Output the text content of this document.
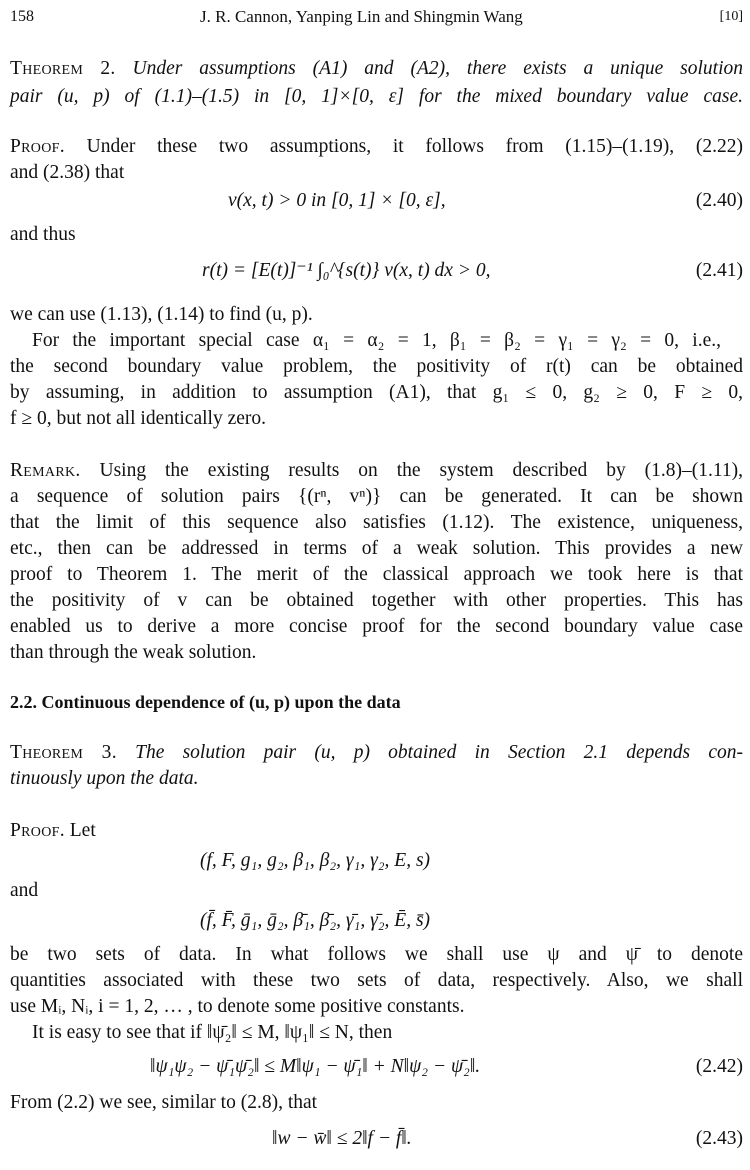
158	J. R. Cannon, Yanping Lin and Shingmin Wang	[10]
Theorem 2. Under assumptions (A1) and (A2), there exists a unique solution
pair (u, p) of (1.1)–(1.5) in [0, 1]×[0, ε] for the mixed boundary value case.
Proof. Under these two assumptions, it follows from (1.15)–(1.19), (2.22)
and (2.38) that
v(x, t) > 0 in [0, 1] × [0, ε],	(2.40)
and thus
r(t) = [E(t)]⁻¹ ∫₀^{s(t)} v(x, t) dx > 0,	(2.41)
we can use (1.13), (1.14) to find (u, p).
For the important special case α₁ = α₂ = 1, β₁ = β₂ = γ₁ = γ₂ = 0, i.e.,
the second boundary value problem, the positivity of r(t) can be obtained
by assuming, in addition to assumption (A1), that g₁ ≤ 0, g₂ ≥ 0, F ≥ 0,
f ≥ 0, but not all identically zero.
Remark. Using the existing results on the system described by (1.8)–(1.11),
a sequence of solution pairs {(rⁿ, vⁿ)} can be generated. It can be shown
that the limit of this sequence also satisfies (1.12). The existence, uniqueness,
etc., then can be addressed in terms of a weak solution. This provides a new
proof to Theorem 1. The merit of the classical approach we took here is that
the positivity of v can be obtained together with other properties. This has
enabled us to derive a more concise proof for the second boundary value case
than through the weak solution.
2.2. Continuous dependence of (u, p) upon the data
Theorem 3. The solution pair (u, p) obtained in Section 2.1 depends con-
tinuously upon the data.
Proof. Let
(f, F, g₁, g₂, β₁, β₂, γ₁, γ₂, E, s)
and
(f̄, F̄, ḡ₁, ḡ₂, β̄₁, β̄₂, γ̄₁, γ̄₂, Ē, s̄)
be two sets of data. In what follows we shall use ψ and ψ̄ to denote
quantities associated with these two sets of data, respectively. Also, we shall
use Mᵢ, Nᵢ, i = 1, 2, … , to denote some positive constants.
It is easy to see that if ‖ψ̄₂‖ ≤ M, ‖ψ₁‖ ≤ N, then
‖ψ₁ψ₂ − ψ̄₁ψ̄₂‖ ≤ M‖ψ₁ − ψ̄₁‖ + N‖ψ₂ − ψ̄₂‖.	(2.42)
From (2.2) we see, similar to (2.8), that
‖w − w̄‖ ≤ 2‖f − f̄‖.	(2.43)
